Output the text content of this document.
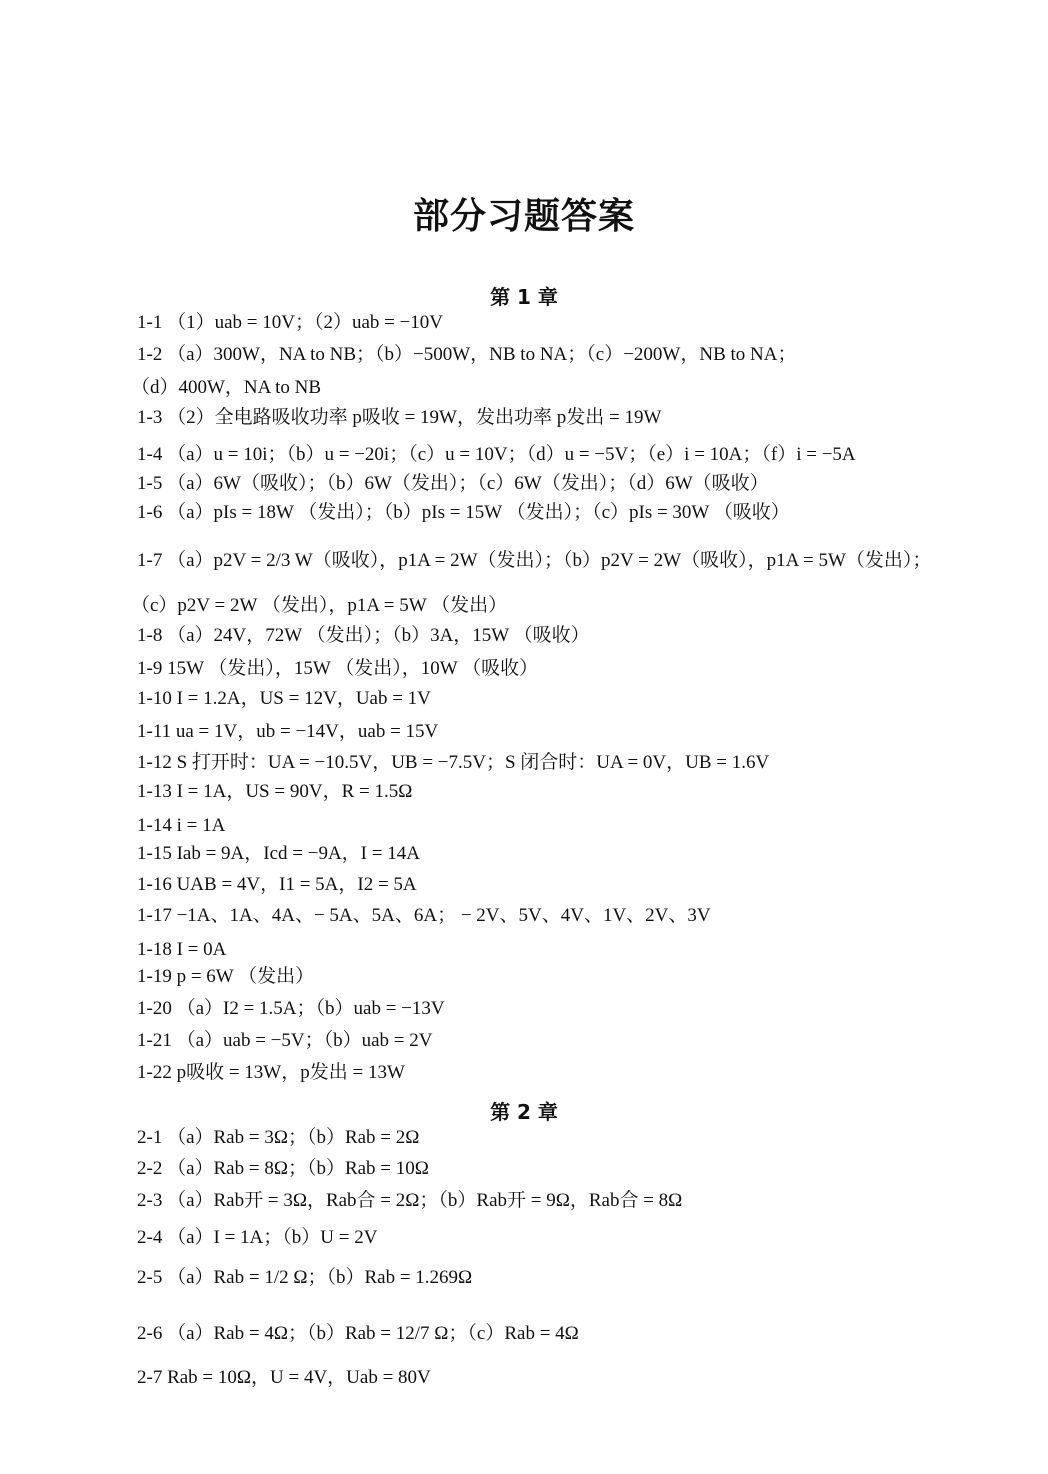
部分习题答案
第 1 章
1-1 （1）uab = 10V；（2）uab = −10V
1-2 （a）300W，NA to NB；（b）−500W，NB to NA；（c）−200W，NB to NA；
（d）400W，NA to NB
1-3 （2）全电路吸收功率 p吸收 = 19W，发出功率 p发出 = 19W
1-4 （a）u = 10i；（b）u = −20i；（c）u = 10V；（d）u = −5V；（e）i = 10A；（f）i = −5A
1-5 （a）6W（吸收）；（b）6W（发出）；（c）6W（发出）；（d）6W（吸收）
1-6 （a）pIs = 18W （发出）；（b）pIs = 15W （发出）；（c）pIs = 30W （吸收）
1-7 （a）p2V = 2/3 W（吸收），p1A = 2W（发出）；（b）p2V = 2W（吸收），p1A = 5W（发出）；
（c）p2V = 2W （发出），p1A = 5W （发出）
1-8 （a）24V，72W （发出）；（b）3A，15W （吸收）
1-9 15W （发出），15W （发出），10W （吸收）
1-10 I = 1.2A，US = 12V，Uab = 1V
1-11 ua = 1V，ub = −14V，uab = 15V
1-12 S 打开时：UA = −10.5V，UB = −7.5V；S 闭合时：UA = 0V，UB = 1.6V
1-13 I = 1A，US = 90V，R = 1.5Ω
1-14 i = 1A
1-15 Iab = 9A，Icd = −9A，I = 14A
1-16 UAB = 4V，I1 = 5A，I2 = 5A
1-17 −1A、1A、4A、− 5A、5A、6A； − 2V、5V、4V、1V、2V、3V
1-18 I = 0A
1-19 p = 6W （发出）
1-20 （a）I2 = 1.5A；（b）uab = −13V
1-21 （a）uab = −5V；（b）uab = 2V
1-22 p吸收 = 13W，p发出 = 13W
第 2 章
2-1 （a）Rab = 3Ω；（b）Rab = 2Ω
2-2 （a）Rab = 8Ω；（b）Rab = 10Ω
2-3 （a）Rab开 = 3Ω，Rab合 = 2Ω；（b）Rab开 = 9Ω，Rab合 = 8Ω
2-4 （a）I = 1A；（b）U = 2V
2-5 （a）Rab = 1/2 Ω；（b）Rab = 1.269Ω
2-6 （a）Rab = 4Ω；（b）Rab = 12/7 Ω；（c）Rab = 4Ω
2-7 Rab = 10Ω，U = 4V，Uab = 80V
